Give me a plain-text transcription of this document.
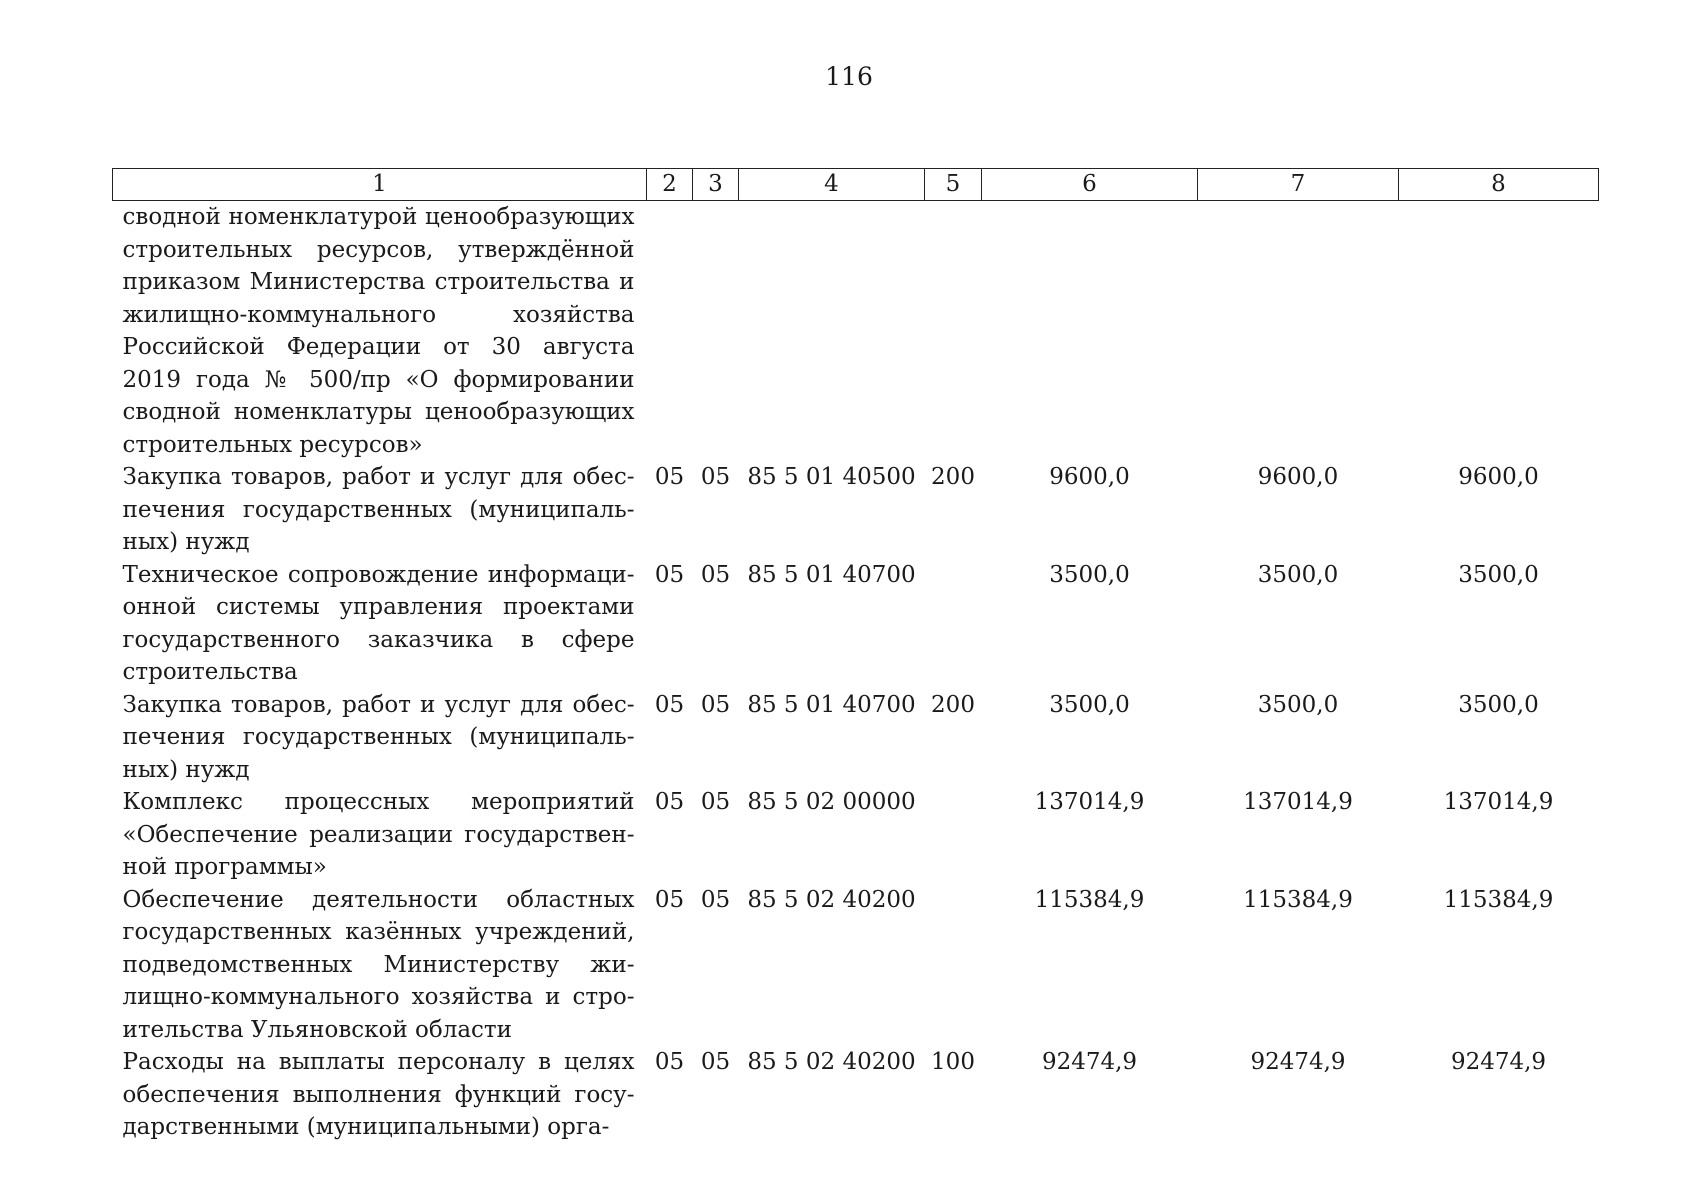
116
1	2	3	4	5	6	7	8
сводной номенклатурой ценообразующих строительных ресурсов, утверждённой приказом Министерства строительства и жилищно-коммунального хозяйства Российской Федерации от 30 августа 2019 года № 500/пр «О формировании сводной номенклатуры ценообразующих строительных ресурсов»							
Закупка товаров, работ и услуг для обеспечения государственных (муниципальных) нужд	05	05	85 5 01 40500	200	9600,0	9600,0	9600,0
Техническое сопровождение информационной системы управления проектами государственного заказчика в сфере строительства	05	05	85 5 01 40700		3500,0	3500,0	3500,0
Закупка товаров, работ и услуг для обеспечения государственных (муниципальных) нужд	05	05	85 5 01 40700	200	3500,0	3500,0	3500,0
Комплекс процессных мероприятий «Обеспечение реализации государственной программы»	05	05	85 5 02 00000		137014,9	137014,9	137014,9
Обеспечение деятельности областных государственных казённых учреждений, подведомственных Министерству жилищно-коммунального хозяйства и строительства Ульяновской области	05	05	85 5 02 40200		115384,9	115384,9	115384,9
Расходы на выплаты персоналу в целях обеспечения выполнения функций государственными (муниципальными) орга-	05	05	85 5 02 40200	100	92474,9	92474,9	92474,9
